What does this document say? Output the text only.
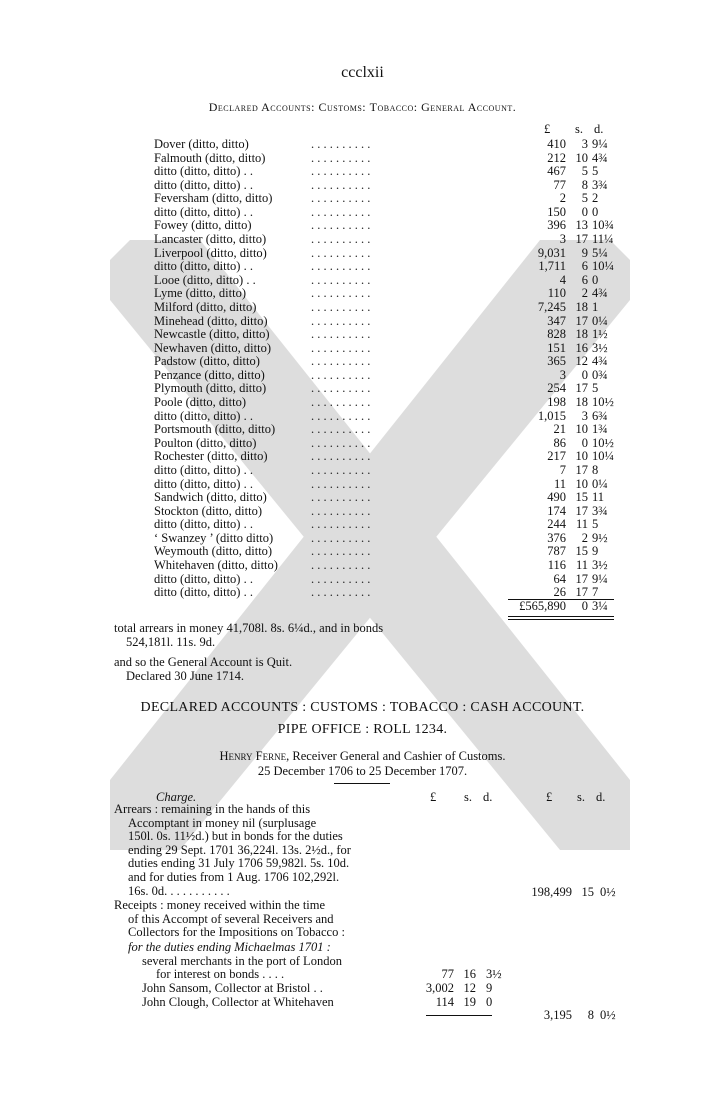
ccclxii
Declared Accounts: Customs: Tobacco: General Account.
£ s. d.
Dover (ditto, ditto)	. . . . . . . . . .	410	3 9¼
Falmouth (ditto, ditto)	. . . . . . . . . .	212 10 4¾
ditto (ditto, ditto) . .	. . . . . . . . . .	467	5 5
ditto (ditto, ditto) . .	. . . . . . . . . .	77	8 3¾
Feversham (ditto, ditto)	. . . . . . . . . .	2	5 2
ditto (ditto, ditto) . .	. . . . . . . . . .	150	0 0
Fowey (ditto, ditto)	. . . . . . . . . .	396 13 10¾
Lancaster (ditto, ditto)	. . . . . . . . . .	3 17 11¼
Liverpool (ditto, ditto)	. . . . . . . . . .	9,031	9 5¼
ditto (ditto, ditto) . .	. . . . . . . . . .	1,711	6 10¼
Looe (ditto, ditto) . .	. . . . . . . . . .	4	6 0
Lyme (ditto, ditto)	. . . . . . . . . .	110	2 4¾
Milford (ditto, ditto)	. . . . . . . . . .	7,245 18 1
Minehead (ditto, ditto)	. . . . . . . . . .	347 17 0¼
Newcastle (ditto, ditto)	. . . . . . . . . .	828 18 1½
Newhaven (ditto, ditto)	. . . . . . . . . .	151 16 3½
Padstow (ditto, ditto)	. . . . . . . . . .	365 12 4¾
Penzance (ditto, ditto)	. . . . . . . . . .	3	0 0¾
Plymouth (ditto, ditto)	. . . . . . . . . .	254 17 5
Poole (ditto, ditto)	. . . . . . . . . .	198 18 10½
ditto (ditto, ditto) . .	. . . . . . . . . .	1,015	3 6¾
Portsmouth (ditto, ditto)	. . . . . . . . . .	21 10 1¾
Poulton (ditto, ditto)	. . . . . . . . . .	86	0 10½
Rochester (ditto, ditto)	. . . . . . . . . .	217 10 10¼
ditto (ditto, ditto) . .	. . . . . . . . . .	7 17 8
ditto (ditto, ditto) . .	. . . . . . . . . .	11 10 0¼
Sandwich (ditto, ditto)	. . . . . . . . . .	490 15 11
Stockton (ditto, ditto)	. . . . . . . . . .	174 17 3¾
ditto (ditto, ditto) . .	. . . . . . . . . .	244 11 5
‘ Swanzey ’ (ditto ditto)	. . . . . . . . . .	376	2 9½
Weymouth (ditto, ditto)	. . . . . . . . . .	787 15 9
Whitehaven (ditto, ditto)	. . . . . . . . . .	116 11 3½
ditto (ditto, ditto) . .	. . . . . . . . . .	64 17 9¼
ditto (ditto, ditto) . .	. . . . . . . . . .	26 17 7
£565,890	0 3¼
total arrears in money 41,708l. 8s. 6¼d., and in bonds
524,181l. 11s. 9d.
and so the General Account is Quit.
Declared 30 June 1714.
DECLARED ACCOUNTS : CUSTOMS : TOBACCO : CASH ACCOUNT.
PIPE OFFICE : ROLL 1234.
Henry Ferne, Receiver General and Cashier of Customs.
25 December 1706 to 25 December 1707.
Charge.	£ s. d.	£ s. d.
Arrears : remaining in the hands of this
Accomptant in money nil (surplusage
150l. 0s. 11½d.) but in bonds for the duties
ending 29 Sept. 1701 36,224l. 13s. 2½d., for
duties ending 31 July 1706 59,982l. 5s. 10d.
and for duties from 1 Aug. 1706 102,292l.
16s. 0d. . . . . . . . . . .	198,499 15 0½
Receipts : money received within the time
of this Accompt of several Receivers and
Collectors for the Impositions on Tobacco :
for the duties ending Michaelmas 1701 :
several merchants in the port of London
for interest on bonds . . . .	77 16 3½
John Sansom, Collector at Bristol . .	3,002 12 9
John Clough, Collector at Whitehaven	114 19 0
3,195	8 0½
